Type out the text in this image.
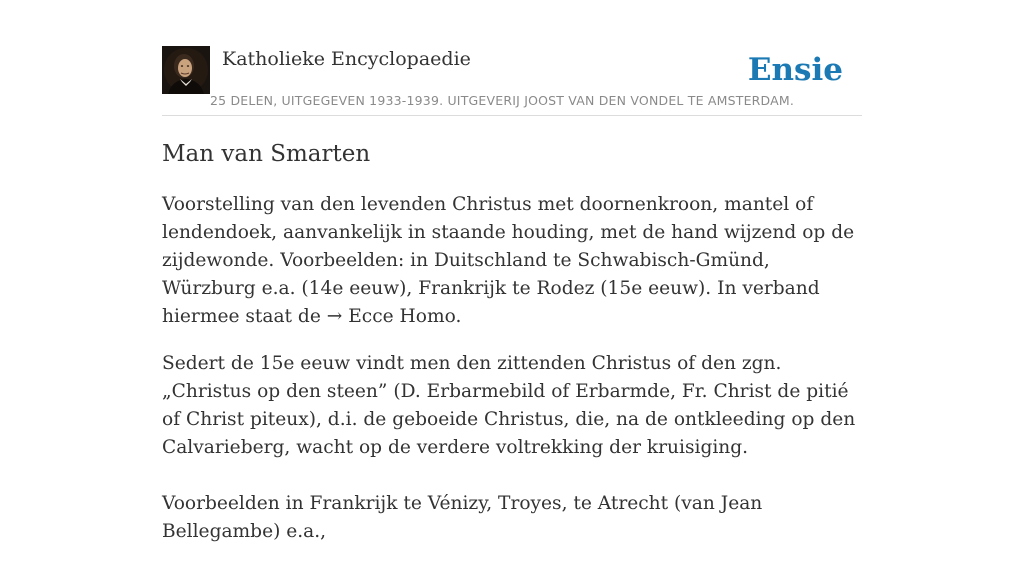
Katholieke Encyclopaedie
25 DELEN, UITGEGEVEN 1933-1939. UITGEVERIJ JOOST VAN DEN VONDEL TE AMSTERDAM.
Ensie
Man van Smarten

Voorstelling van den levenden Christus met doornenkroon, mantel of lendendoek, aanvankelijk in staande houding, met de hand wijzend op de zijdewonde. Voorbeelden: in Duitschland te Schwabisch-Gmünd, Würzburg e.a. (14e eeuw), Frankrijk te Rodez (15e eeuw). In verband hiermee staat de → Ecce Homo.

Sedert de 15e eeuw vindt men den zittenden Christus of den zgn. „Christus op den steen” (D. Erbarmebild of Erbarmde, Fr. Christ de pitié of Christ piteux), d.i. de geboeide Christus, die, na de ontkleeding op den Calvarieberg, wacht op de verdere voltrekking der kruisiging.

Voorbeelden in Frankrijk te Vénizy, Troyes, te Atrecht (van Jean Bellegambe) e.a.,
